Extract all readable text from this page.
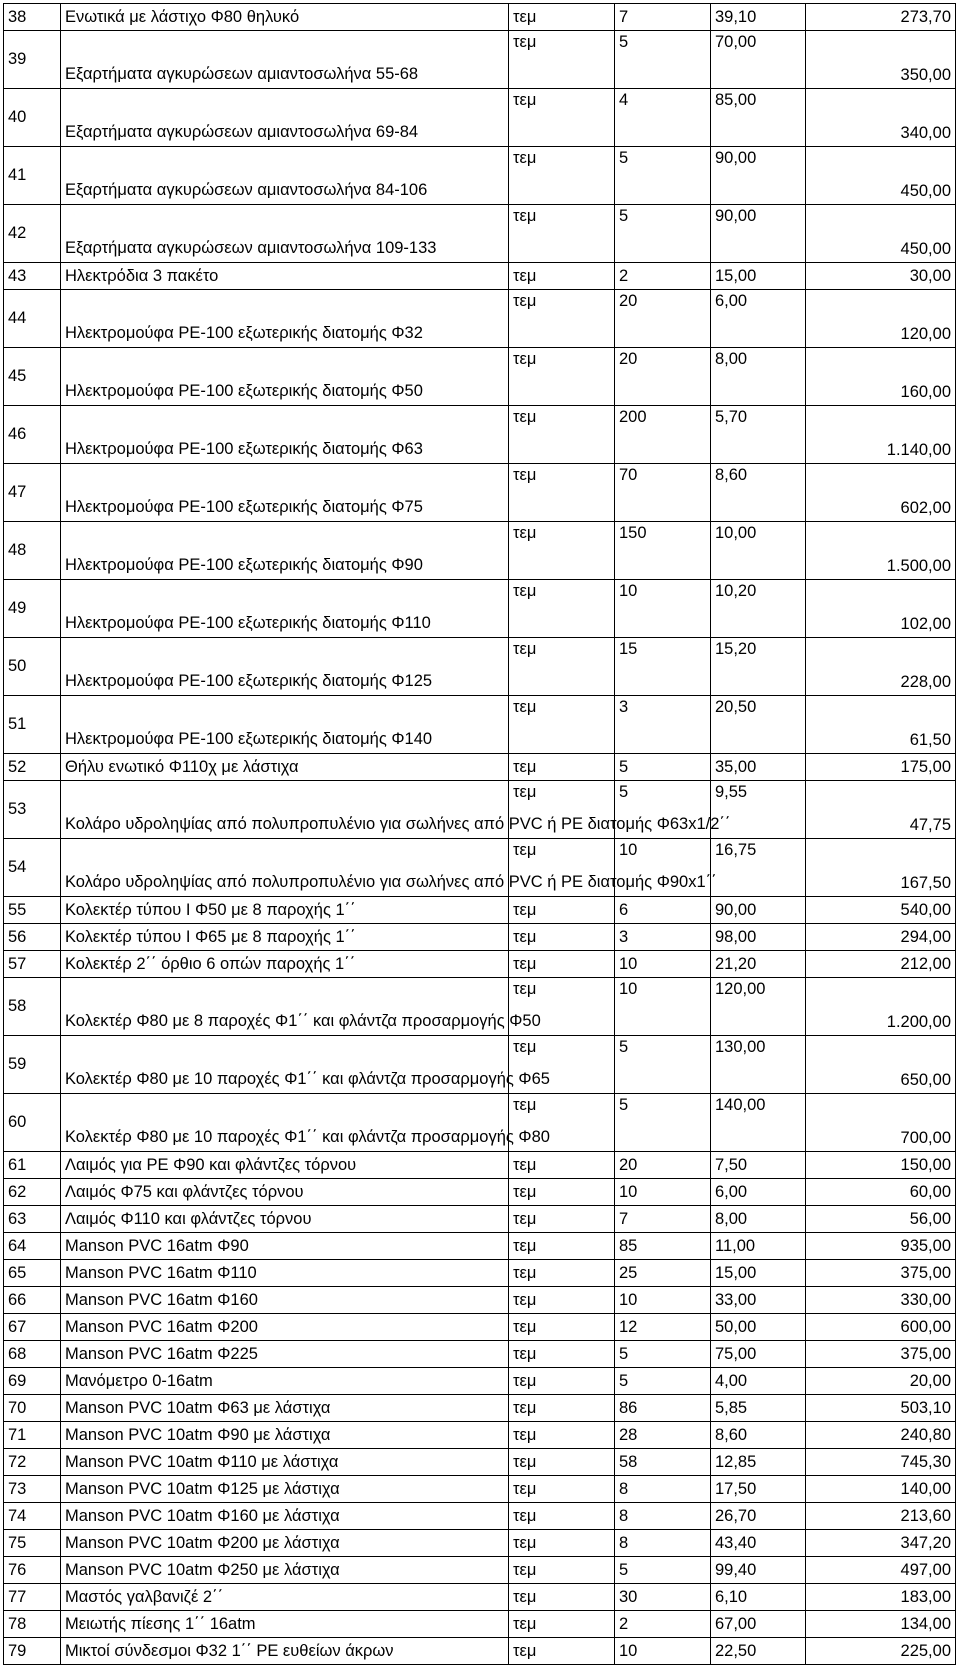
38	Ενωτικά με λάστιχο Φ80 θηλυκό	τεμ	7	39,10	273,70
39	Εξαρτήματα αγκυρώσεων αμιαντοσωλήνα 55-68	τεμ	5	70,00	350,00
40	Εξαρτήματα αγκυρώσεων αμιαντοσωλήνα 69-84	τεμ	4	85,00	340,00
41	Εξαρτήματα αγκυρώσεων αμιαντοσωλήνα 84-106	τεμ	5	90,00	450,00
42	Εξαρτήματα αγκυρώσεων αμιαντοσωλήνα 109-133	τεμ	5	90,00	450,00
43	Ηλεκτρόδια 3 πακέτο	τεμ	2	15,00	30,00
44	Ηλεκτρομούφα PE-100 εξωτερικής διατομής Φ32	τεμ	20	6,00	120,00
45	Ηλεκτρομούφα PE-100 εξωτερικής διατομής Φ50	τεμ	20	8,00	160,00
46	Ηλεκτρομούφα PE-100 εξωτερικής διατομής Φ63	τεμ	200	5,70	1.140,00
47	Ηλεκτρομούφα PE-100 εξωτερικής διατομής Φ75	τεμ	70	8,60	602,00
48	Ηλεκτρομούφα PE-100 εξωτερικής διατομής Φ90	τεμ	150	10,00	1.500,00
49	Ηλεκτρομούφα PE-100 εξωτερικής διατομής Φ110	τεμ	10	10,20	102,00
50	Ηλεκτρομούφα PE-100 εξωτερικής διατομής Φ125	τεμ	15	15,20	228,00
51	Ηλεκτρομούφα PE-100 εξωτερικής διατομής Φ140	τεμ	3	20,50	61,50
52	Θήλυ ενωτικό Φ110χ με λάστιχα	τεμ	5	35,00	175,00
53	Κολάρο υδροληψίας από πολυπροπυλένιο για σωλήνες από PVC ή PE διατομής Φ63x1/2΄΄	τεμ	5	9,55	47,75
54	Κολάρο υδροληψίας από πολυπροπυλένιο για σωλήνες από PVC ή PE διατομής Φ90x1΄΄	τεμ	10	16,75	167,50
55	Κολεκτέρ τύπου Ι Φ50 με 8 παροχής 1΄΄	τεμ	6	90,00	540,00
56	Κολεκτέρ τύπου Ι Φ65 με 8 παροχής 1΄΄	τεμ	3	98,00	294,00
57	Κολεκτέρ 2΄΄ όρθιο 6 οπών παροχής 1΄΄	τεμ	10	21,20	212,00
58	Κολεκτέρ Φ80 με 8 παροχές Φ1΄΄ και φλάντζα προσαρμογής Φ50	τεμ	10	120,00	1.200,00
59	Κολεκτέρ Φ80 με 10 παροχές Φ1΄΄ και φλάντζα προσαρμογής Φ65	τεμ	5	130,00	650,00
60	Κολεκτέρ Φ80 με 10 παροχές Φ1΄΄ και φλάντζα προσαρμογής Φ80	τεμ	5	140,00	700,00
61	Λαιμός για PE Φ90 και φλάντζες τόρνου	τεμ	20	7,50	150,00
62	Λαιμός Φ75 και φλάντζες τόρνου	τεμ	10	6,00	60,00
63	Λαιμός Φ110 και φλάντζες τόρνου	τεμ	7	8,00	56,00
64	Manson PVC 16atm Φ90	τεμ	85	11,00	935,00
65	Manson PVC 16atm Φ110	τεμ	25	15,00	375,00
66	Manson PVC 16atm Φ160	τεμ	10	33,00	330,00
67	Manson PVC 16atm Φ200	τεμ	12	50,00	600,00
68	Manson PVC 16atm Φ225	τεμ	5	75,00	375,00
69	Μανόμετρο 0-16atm	τεμ	5	4,00	20,00
70	Manson PVC 10atm Φ63 με λάστιχα	τεμ	86	5,85	503,10
71	Manson PVC 10atm Φ90 με λάστιχα	τεμ	28	8,60	240,80
72	Manson PVC 10atm Φ110 με λάστιχα	τεμ	58	12,85	745,30
73	Manson PVC 10atm Φ125 με λάστιχα	τεμ	8	17,50	140,00
74	Manson PVC 10atm Φ160 με λάστιχα	τεμ	8	26,70	213,60
75	Manson PVC 10atm Φ200 με λάστιχα	τεμ	8	43,40	347,20
76	Manson PVC 10atm Φ250 με λάστιχα	τεμ	5	99,40	497,00
77	Μαστός γαλβανιζέ 2΄΄	τεμ	30	6,10	183,00
78	Μειωτής πίεσης 1΄΄ 16atm	τεμ	2	67,00	134,00
79	Μικτοί σύνδεσμοι Φ32 1΄΄ PE ευθείων άκρων	τεμ	10	22,50	225,00
